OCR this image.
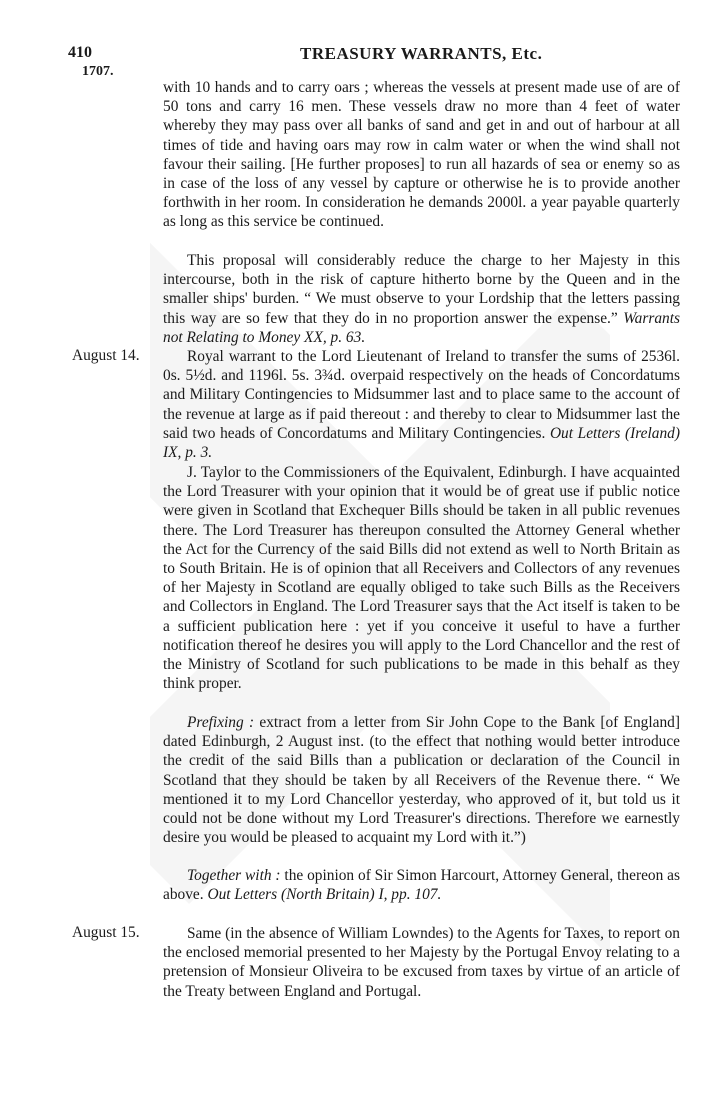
410	TREASURY WARRANTS, Etc.
1707.

with 10 hands and to carry oars ; whereas the vessels at present made use of are of 50 tons and carry 16 men. These vessels draw no more than 4 feet of water whereby they may pass over all banks of sand and get in and out of harbour at all times of tide and having oars may row in calm water or when the wind shall not favour their sailing. [He further proposes] to run all hazards of sea or enemy so as in case of the loss of any vessel by capture or otherwise he is to provide another forthwith in her room. In consideration he demands 2000l. a year payable quarterly as long as this service be continued.

This proposal will considerably reduce the charge to her Majesty in this intercourse, both in the risk of capture hitherto borne by the Queen and in the smaller ships' burden. “ We must observe to your Lordship that the letters passing this way are so few that they do in no proportion answer the expense.” Warrants not Relating to Money XX, p. 63.

August 14.	Royal warrant to the Lord Lieutenant of Ireland to transfer the sums of 2536l. 0s. 5½d. and 1196l. 5s. 3¾d. overpaid respectively on the heads of Concordatums and Military Contingencies to Midsummer last and to place same to the account of the revenue at large as if paid thereout : and thereby to clear to Midsummer last the said two heads of Concordatums and Military Contingencies. Out Letters (Ireland) IX, p. 3.

J. Taylor to the Commissioners of the Equivalent, Edinburgh. I have acquainted the Lord Treasurer with your opinion that it would be of great use if public notice were given in Scotland that Exchequer Bills should be taken in all public revenues there. The Lord Treasurer has thereupon consulted the Attorney General whether the Act for the Currency of the said Bills did not extend as well to North Britain as to South Britain. He is of opinion that all Receivers and Collectors of any revenues of her Majesty in Scotland are equally obliged to take such Bills as the Receivers and Collectors in England. The Lord Treasurer says that the Act itself is taken to be a sufficient publication here : yet if you conceive it useful to have a further notification thereof he desires you will apply to the Lord Chancellor and the rest of the Ministry of Scotland for such publications to be made in this behalf as they think proper.

Prefixing : extract from a letter from Sir John Cope to the Bank [of England] dated Edinburgh, 2 August inst. (to the effect that nothing would better introduce the credit of the said Bills than a publication or declaration of the Council in Scotland that they should be taken by all Receivers of the Revenue there. “ We mentioned it to my Lord Chancellor yesterday, who approved of it, but told us it could not be done without my Lord Treasurer's directions. Therefore we earnestly desire you would be pleased to acquaint my Lord with it.”)

Together with : the opinion of Sir Simon Harcourt, Attorney General, thereon as above. Out Letters (North Britain) I, pp. 107.

August 15.	Same (in the absence of William Lowndes) to the Agents for Taxes, to report on the enclosed memorial presented to her Majesty by the Portugal Envoy relating to a pretension of Monsieur Oliveira to be excused from taxes by virtue of an article of the Treaty between England and Portugal.
